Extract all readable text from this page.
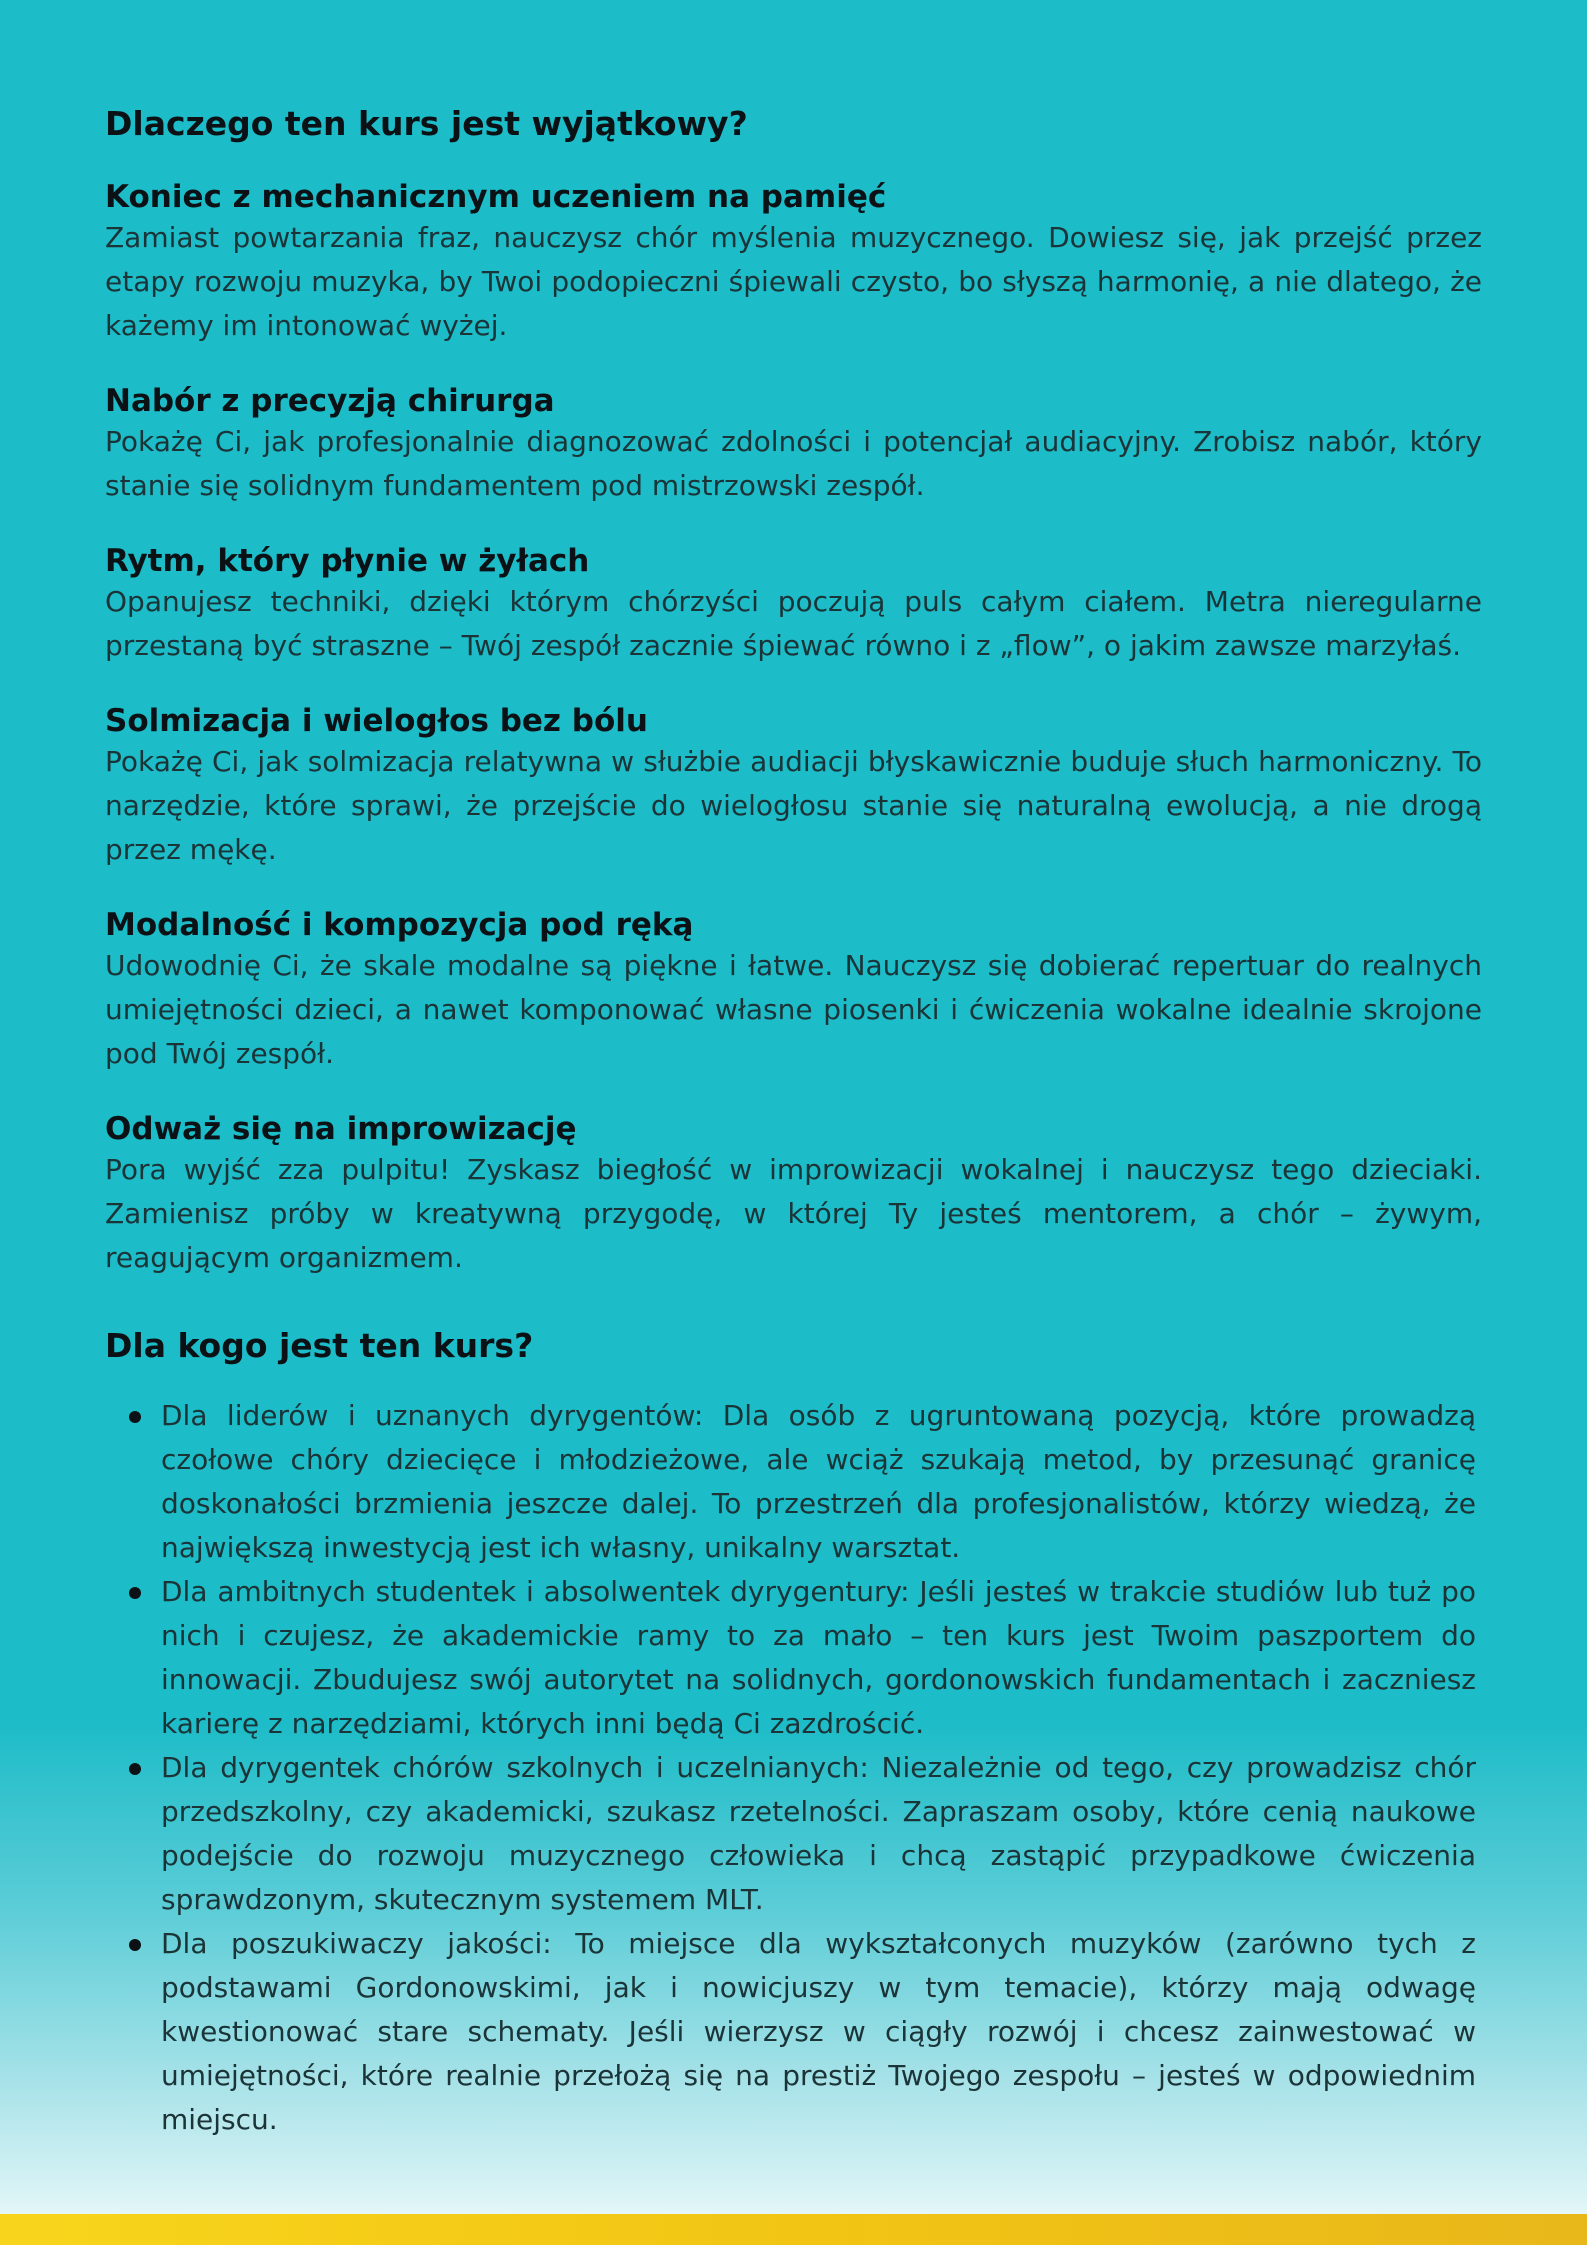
Dlaczego ten kurs jest wyjątkowy?
Koniec z mechanicznym uczeniem na pamięć

Zamiast powtarzania fraz, nauczysz chór myślenia muzycznego. Dowiesz się, jak przejść przez etapy rozwoju muzyka, by Twoi podopieczni śpiewali czysto, bo słyszą harmonię, a nie dlatego, że każemy im intonować wyżej.

Nabór z precyzją chirurga

Pokażę Ci, jak profesjonalnie diagnozować zdolności i potencjał audiacyjny. Zrobisz nabór, który stanie się solidnym fundamentem pod mistrzowski zespół.

Rytm, który płynie w żyłach

Opanujesz techniki, dzięki którym chórzyści poczują puls całym ciałem. Metra nieregularne przestaną być straszne – Twój zespół zacznie śpiewać równo i z „flow”, o jakim zawsze marzyłaś.

Solmizacja i wielogłos bez bólu

Pokażę Ci, jak solmizacja relatywna w służbie audiacji błyskawicznie buduje słuch harmoniczny. To narzędzie, które sprawi, że przejście do wielogłosu stanie się naturalną ewolucją, a nie drogą przez mękę.

Modalność i kompozycja pod ręką

Udowodnię Ci, że skale modalne są piękne i łatwe. Nauczysz się dobierać repertuar do realnych umiejętności dzieci, a nawet komponować własne piosenki i ćwiczenia wokalne idealnie skrojone pod Twój zespół.

Odważ się na improwizację

Pora wyjść zza pulpitu! Zyskasz biegłość w improwizacji wokalnej i nauczysz tego dzieciaki. Zamienisz próby w kreatywną przygodę, w której Ty jesteś mentorem, a chór – żywym, reagującym organizmem.

Dla kogo jest ten kurs?
Dla liderów i uznanych dyrygentów: Dla osób z ugruntowaną pozycją, które prowadzą czołowe chóry dziecięce i młodzieżowe, ale wciąż szukają metod, by przesunąć granicę doskonałości brzmienia jeszcze dalej. To przestrzeń dla profesjonalistów, którzy wiedzą, że największą inwestycją jest ich własny, unikalny warsztat.
Dla ambitnych studentek i absolwentek dyrygentury: Jeśli jesteś w trakcie studiów lub tuż po nich i czujesz, że akademickie ramy to za mało – ten kurs jest Twoim paszportem do innowacji. Zbudujesz swój autorytet na solidnych, gordonowskich fundamentach i zaczniesz karierę z narzędziami, których inni będą Ci zazdrościć.
Dla dyrygentek chórów szkolnych i uczelnianych: Niezależnie od tego, czy prowadzisz chór przedszkolny, czy akademicki, szukasz rzetelności. Zapraszam osoby, które cenią naukowe podejście do rozwoju muzycznego człowieka i chcą zastąpić przypadkowe ćwiczenia sprawdzonym, skutecznym systemem MLT.
Dla poszukiwaczy jakości: To miejsce dla wykształconych muzyków (zarówno tych z podstawami Gordonowskimi, jak i nowicjuszy w tym temacie), którzy mają odwagę kwestionować stare schematy. Jeśli wierzysz w ciągły rozwój i chcesz zainwestować w umiejętności, które realnie przełożą się na prestiż Twojego zespołu – jesteś w odpowiednim miejscu.
